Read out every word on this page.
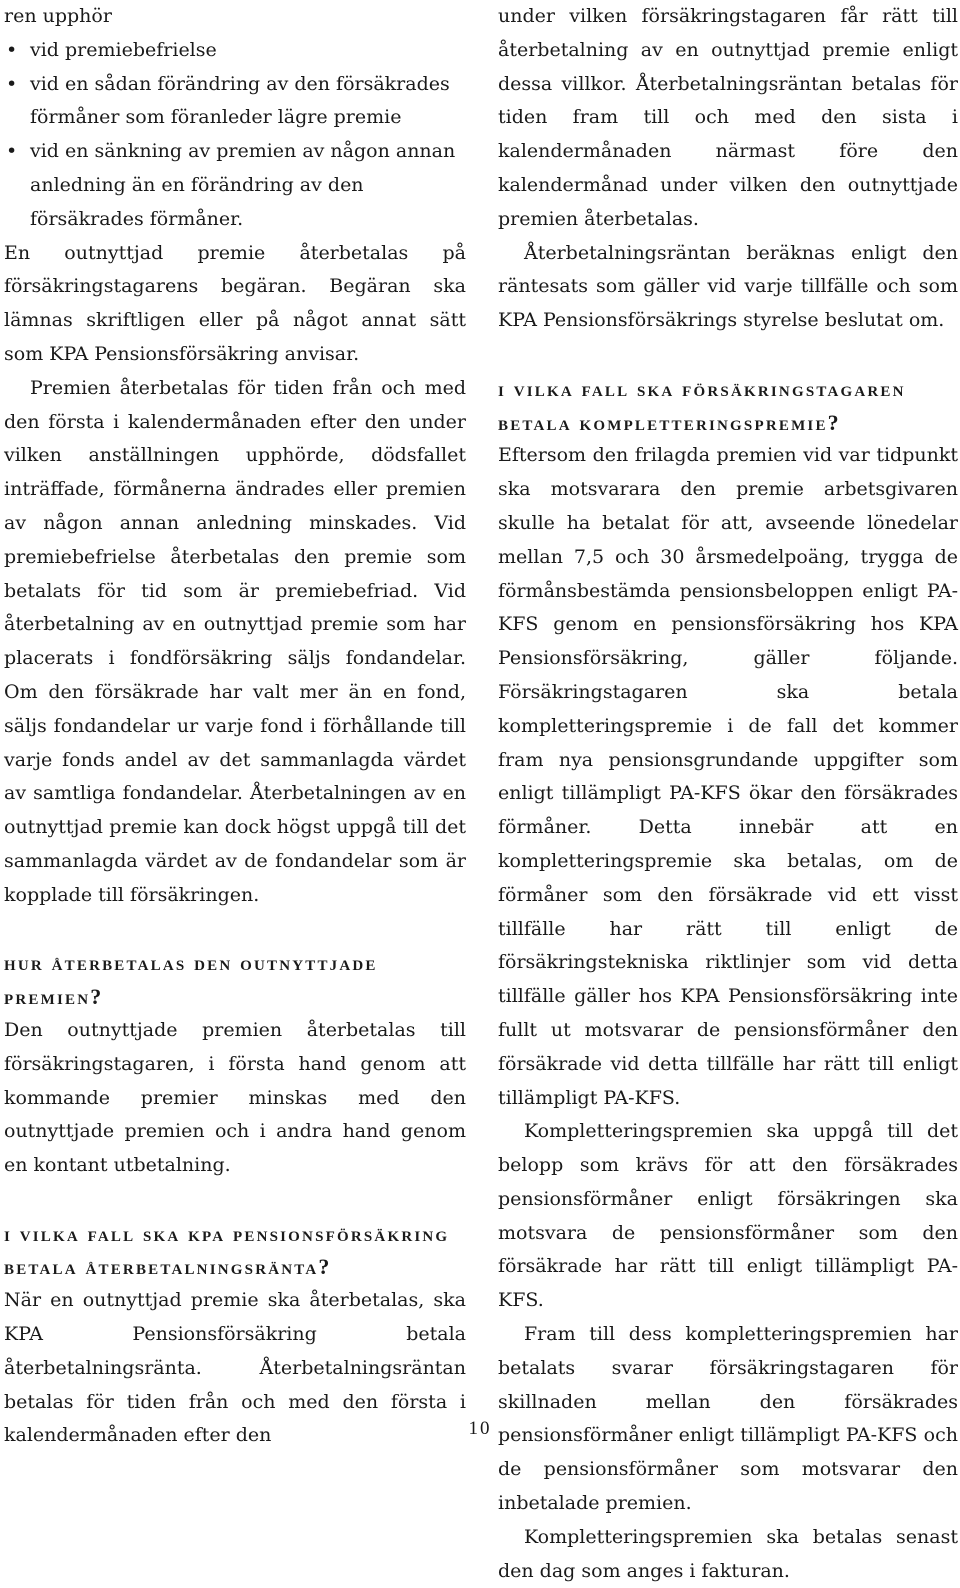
ren upphör

• vid premiebefrielse
• vid en sådan förändring av den försäkrades förmåner som föranleder lägre premie
• vid en sänkning av premien av någon annan anledning än en förändring av den försäkrades förmåner.

En outnyttjad premie återbetalas på försäkringstagarens begäran. Begäran ska lämnas skriftligen eller på något annat sätt som KPA Pensionsförsäkring anvisar.

Premien återbetalas för tiden från och med den första i kalendermånaden efter den under vilken anställningen upphörde, dödsfallet inträffade, förmånerna ändrades eller premien av någon annan anledning minskades. Vid premiebefrielse återbetalas den premie som betalats för tid som är premiebefriad. Vid återbetalning av en outnyttjad premie som har placerats i fondförsäkring säljs fondandelar. Om den försäkrade har valt mer än en fond, säljs fondandelar ur varje fond i förhållande till varje fonds andel av det sammanlagda värdet av samtliga fondandelar. Återbetalningen av en outnyttjad premie kan dock högst uppgå till det sammanlagda värdet av de fondandelar som är kopplade till försäkringen.

hur återbetalas den outnyttjade premien?

Den outnyttjade premien återbetalas till försäkringstagaren, i första hand genom att kommande premier minskas med den outnyttjade premien och i andra hand genom en kontant utbetalning.

i vilka fall ska kpa pensionsförsäkring betala återbetalningsränta?

När en outnyttjad premie ska återbetalas, ska KPA Pensionsförsäkring betala återbetalningsränta. Återbetalningsräntan betalas för tiden från och med den första i kalendermånaden efter den

under vilken försäkringstagaren får rätt till återbetalning av en outnyttjad premie enligt dessa villkor. Återbetalningsräntan betalas för tiden fram till och med den sista i kalendermånaden närmast före den kalendermånad under vilken den outnyttjade premien återbetalas.

Återbetalningsräntan beräknas enligt den räntesats som gäller vid varje tillfälle och som KPA Pensionsförsäkrings styrelse beslutat om.

i vilka fall ska försäkringstagaren betala kompletteringspremie?

Eftersom den frilagda premien vid var tidpunkt ska motsvarara den premie arbetsgivaren skulle ha betalat för att, avseende lönedelar mellan 7,5 och 30 årsmedelpoäng, trygga de förmånsbestämda pensionsbeloppen enligt PA-KFS genom en pensionsförsäkring hos KPA Pensionsförsäkring, gäller följande. Försäkringstagaren ska betala kompletteringspremie i de fall det kommer fram nya pensionsgrundande uppgifter som enligt tillämpligt PA-KFS ökar den försäkrades förmåner. Detta innebär att en kompletteringspremie ska betalas, om de förmåner som den försäkrade vid ett visst tillfälle har rätt till enligt de försäkringstekniska riktlinjer som vid detta tillfälle gäller hos KPA Pensionsförsäkring inte fullt ut motsvarar de pensionsförmåner den försäkrade vid detta tillfälle har rätt till enligt tillämpligt PA-KFS.

Kompletteringspremien ska uppgå till det belopp som krävs för att den försäkrades pensionsförmåner enligt försäkringen ska motsvara de pensionsförmåner som den försäkrade har rätt till enligt tillämpligt PA-KFS.

Fram till dess kompletteringspremien har betalats svarar försäkringstagaren för skillnaden mellan den försäkrades pensionsförmåner enligt tillämpligt PA-KFS och de pensionsförmåner som motsvarar den inbetalade premien.

Kompletteringspremien ska betalas senast den dag som anges i fakturan.

10
